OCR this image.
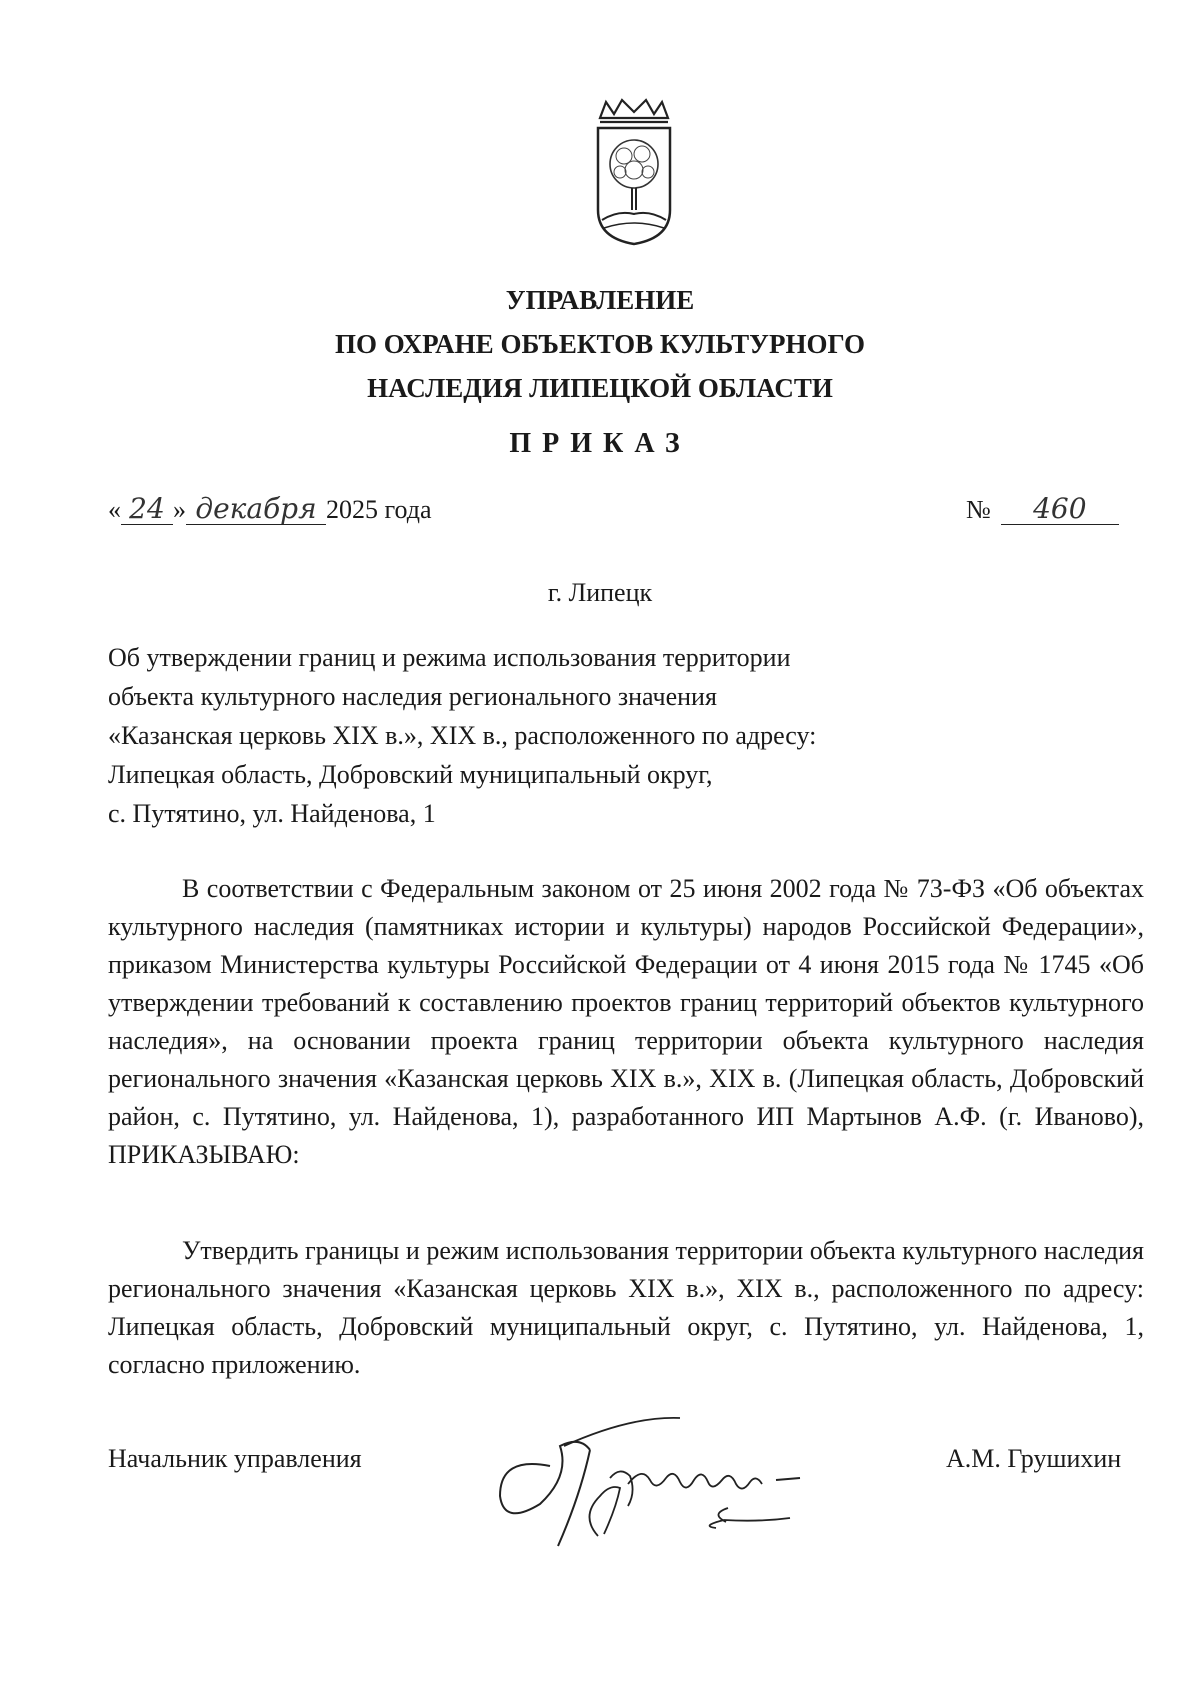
УПРАВЛЕНИЕ
ПО ОХРАНЕ ОБЪЕКТОВ КУЛЬТУРНОГО
НАСЛЕДИЯ ЛИПЕЦКОЙ ОБЛАСТИ
ПРИКАЗ
« 24 » декабря 2025 года	№ 460
г. Липецк
Об утверждении границ и режима использования территории
объекта культурного наследия регионального значения
«Казанская церковь XIX в.», XIX в., расположенного по адресу:
Липецкая область, Добровский муниципальный округ,
с. Путятино, ул. Найденова, 1
В соответствии с Федеральным законом от 25 июня 2002 года № 73-ФЗ «Об объектах культурного наследия (памятниках истории и культуры) народов Российской Федерации», приказом Министерства культуры Российской Федерации от 4 июня 2015 года № 1745 «Об утверждении требований к составлению проектов границ территорий объектов культурного наследия», на основании проекта границ территории объекта культурного наследия регионального значения «Казанская церковь XIX в.», XIX в. (Липецкая область, Добровский район, с. Путятино, ул. Найденова, 1), разработанного ИП Мартынов А.Ф. (г. Иваново), ПРИКАЗЫВАЮ:
Утвердить границы и режим использования территории объекта культурного наследия регионального значения «Казанская церковь XIX в.», XIX в., расположенного по адресу: Липецкая область, Добровский муниципальный округ, с. Путятино, ул. Найденова, 1, согласно приложению.
Начальник управления	А.М. Грушихин
